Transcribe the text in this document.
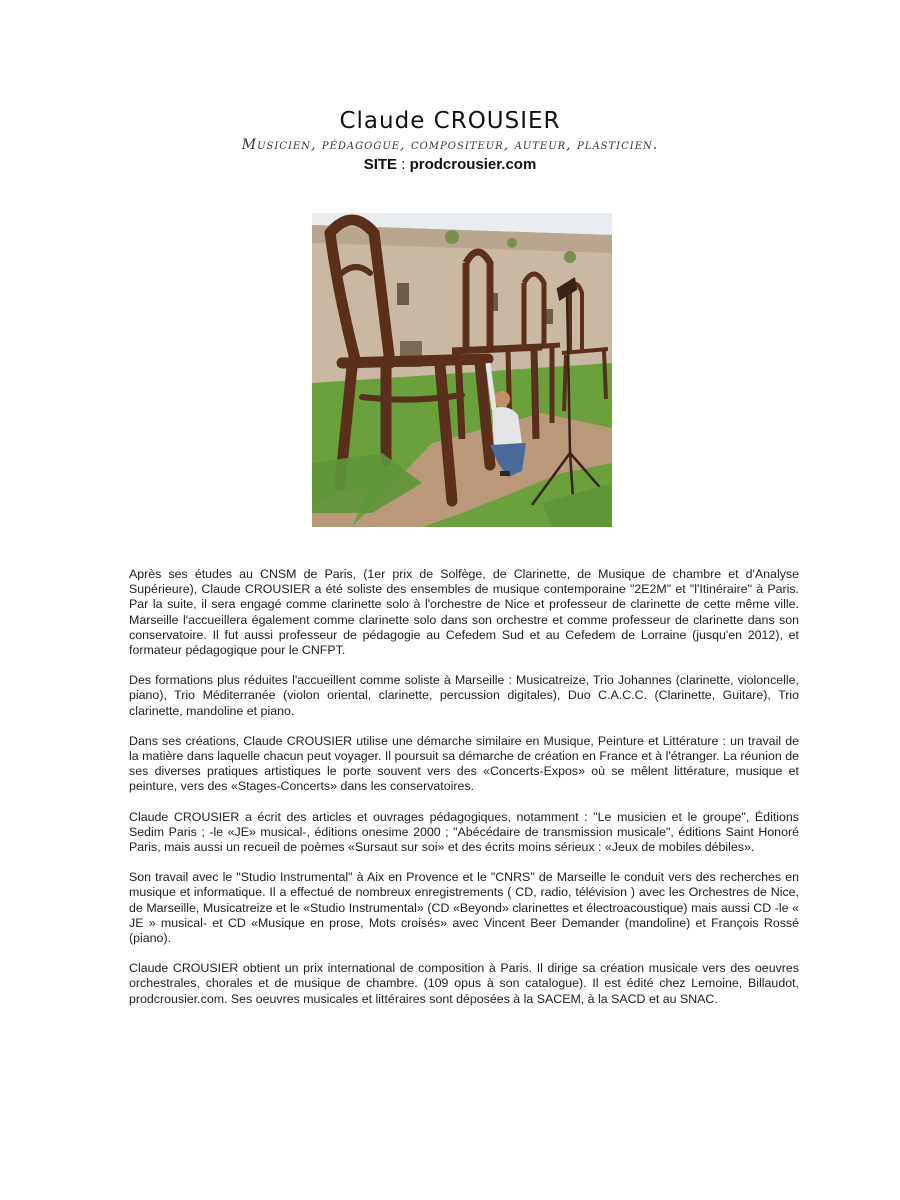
Claude CROUSIER
Musicien, pédagogue, compositeur, auteur, plasticien.
SITE : prodcrousier.com

Après ses études au CNSM de Paris, (1er prix de Solfège, de Clarinette, de Musique de chambre et d'Analyse Supérieure), Claude CROUSIER a été soliste des ensembles de musique contemporaine "2E2M" et "l'Itinéraire" à Paris. Par la suite, il sera engagé comme clarinette solo à l'orchestre de Nice et professeur de clarinette de cette même ville. Marseille l'accueillera également comme clarinette solo dans son orchestre et comme professeur de clarinette dans son conservatoire. Il fut aussi professeur de pédagogie au Cefedem Sud et au Cefedem de Lorraine (jusqu'en 2012), et formateur pédagogique pour le CNFPT.

Des formations plus réduites l'accueillent comme soliste à Marseille : Musicatreize, Trio Johannes (clarinette, violoncelle, piano), Trio Méditerranée (violon oriental, clarinette, percussion digitales), Duo C.A.C.C. (Clarinette, Guitare), Trio clarinette, mandoline et piano.

Dans ses créations, Claude CROUSIER utilise une démarche similaire en Musique, Peinture et Littérature : un travail de la matière dans laquelle chacun peut voyager. Il poursuit sa démarche de création en France et à l'étranger. La réunion de ses diverses pratiques artistiques le porte souvent vers des «Concerts-Expos» où se mêlent littérature, musique et peinture, vers des «Stages-Concerts» dans les conservatoires.

Claude CROUSIER a écrit des articles et ouvrages pédagogiques, notamment : "Le musicien et le groupe", Éditions Sedim Paris ; -le «JE» musical-, éditions onesime 2000 ; "Abécédaire de transmission musicale", éditions Saint Honoré Paris, mais aussi un recueil de poèmes «Sursaut sur soi» et des écrits moins sérieux : «Jeux de mobiles débiles».

Son travail avec le "Studio Instrumental" à Aix en Provence et le "CNRS" de Marseille le conduit vers des recherches en musique et informatique. Il a effectué de nombreux enregistrements ( CD, radio, télévision ) avec les Orchestres de Nice, de Marseille, Musicatreize et le «Studio Instrumental» (CD «Beyond» clarinettes et électroacoustique) mais aussi CD -le « JE » musical- et CD «Musique en prose, Mots croisés» avec Vincent Beer Demander (mandoline) et François Rossé (piano).

Claude CROUSIER obtient un prix international de composition à Paris. Il dirige sa création musicale vers des oeuvres orchestrales, chorales et de musique de chambre. (109 opus à son catalogue). Il est édité chez Lemoine, Billaudot, prodcrousier.com. Ses oeuvres musicales et littéraires sont déposées à la SACEM, à la SACD et au SNAC.
